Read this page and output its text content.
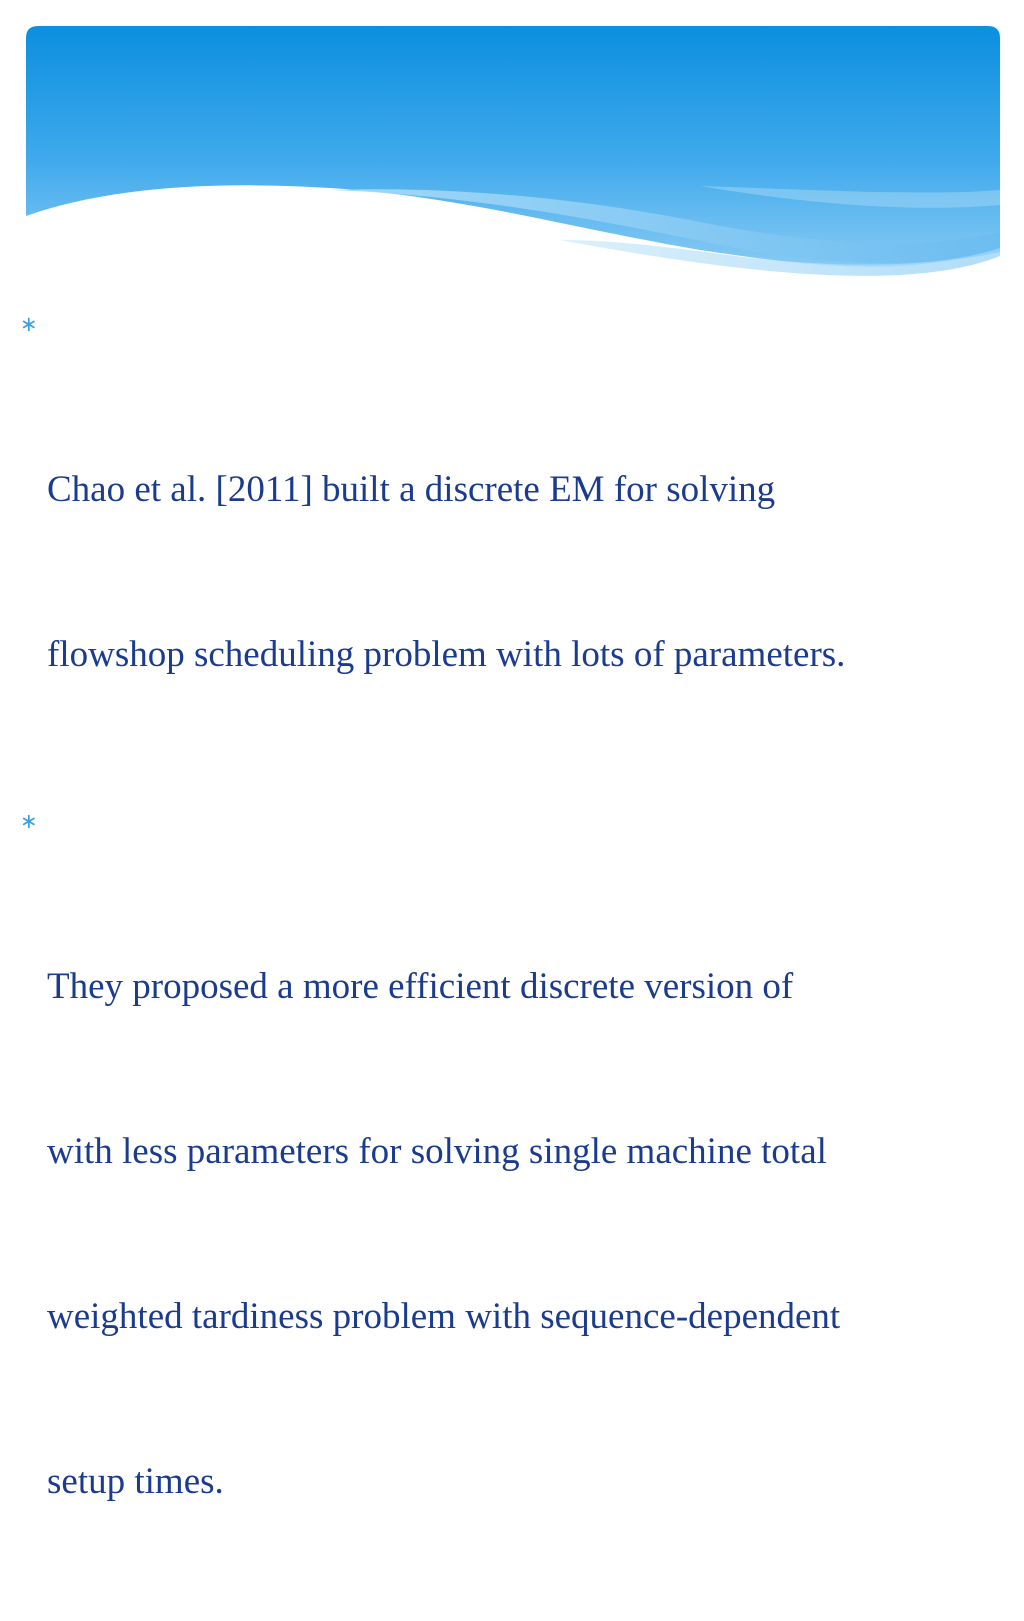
∗

Chao et al. [2011] built a discrete EM for solving

flowshop scheduling problem with lots of parameters.

∗

They proposed a more efficient discrete version of

with less parameters for solving single machine total

weighted tardiness problem with sequence-dependent

setup times.
